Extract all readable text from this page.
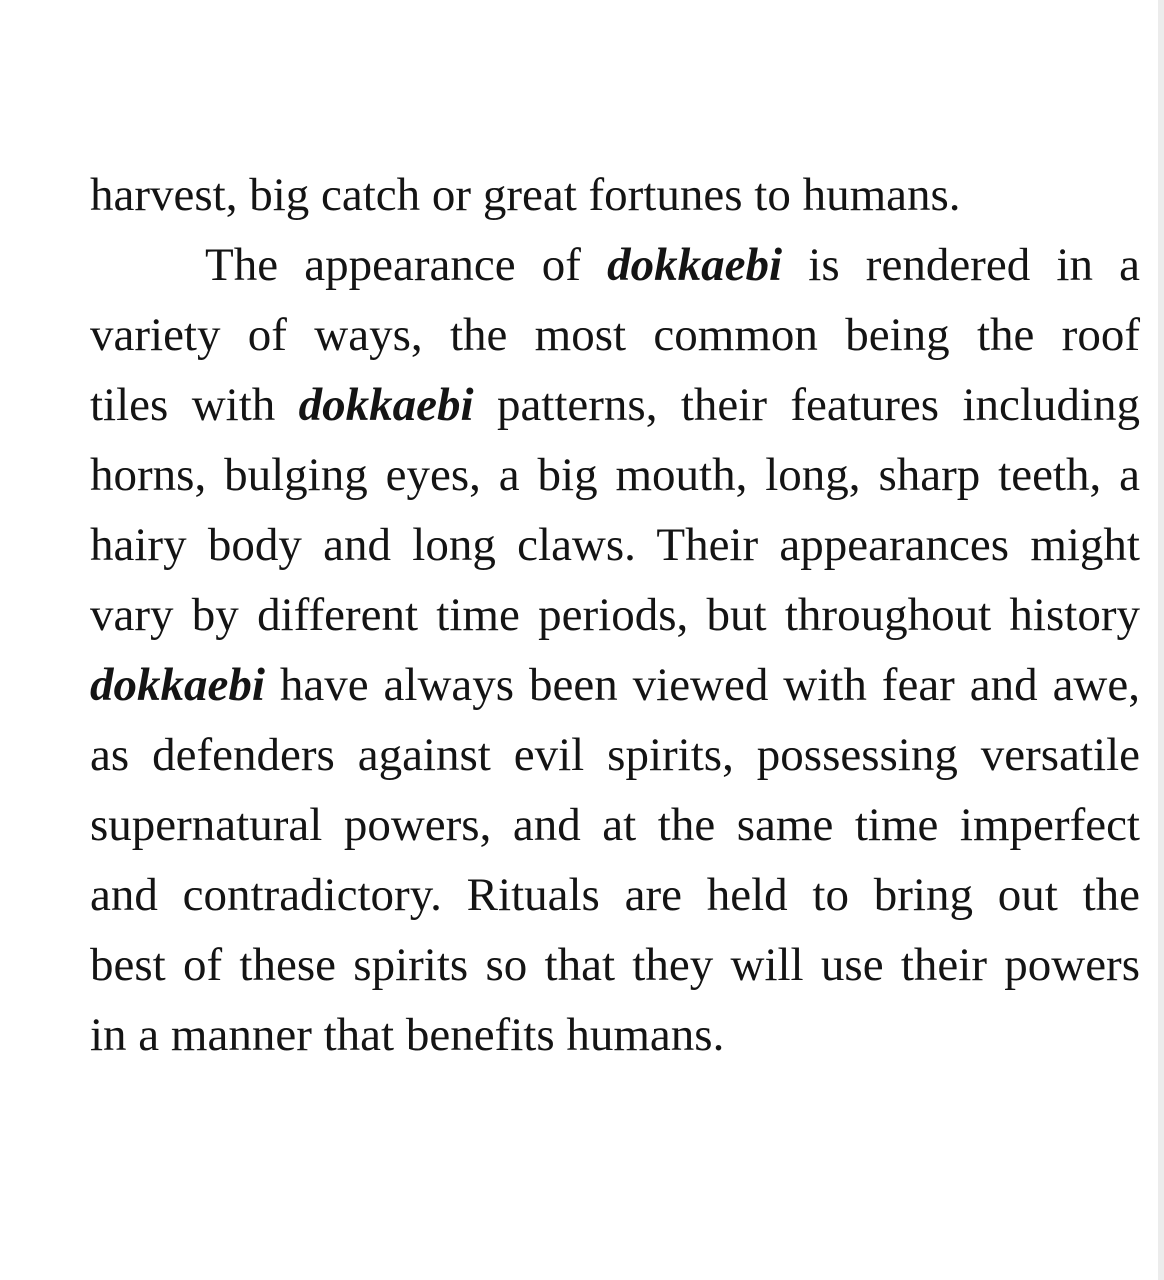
harvest, big catch or great fortunes to humans.
The appearance of dokkaebi is rendered in a
variety of ways, the most common being the roof
tiles with dokkaebi patterns, their features including
horns, bulging eyes, a big mouth, long, sharp teeth, a
hairy body and long claws. Their appearances might
vary by different time periods, but throughout history
dokkaebi have always been viewed with fear and awe,
as defenders against evil spirits, possessing versatile
supernatural powers, and at the same time imperfect
and contradictory. Rituals are held to bring out the
best of these spirits so that they will use their powers
in a manner that benefits humans.
